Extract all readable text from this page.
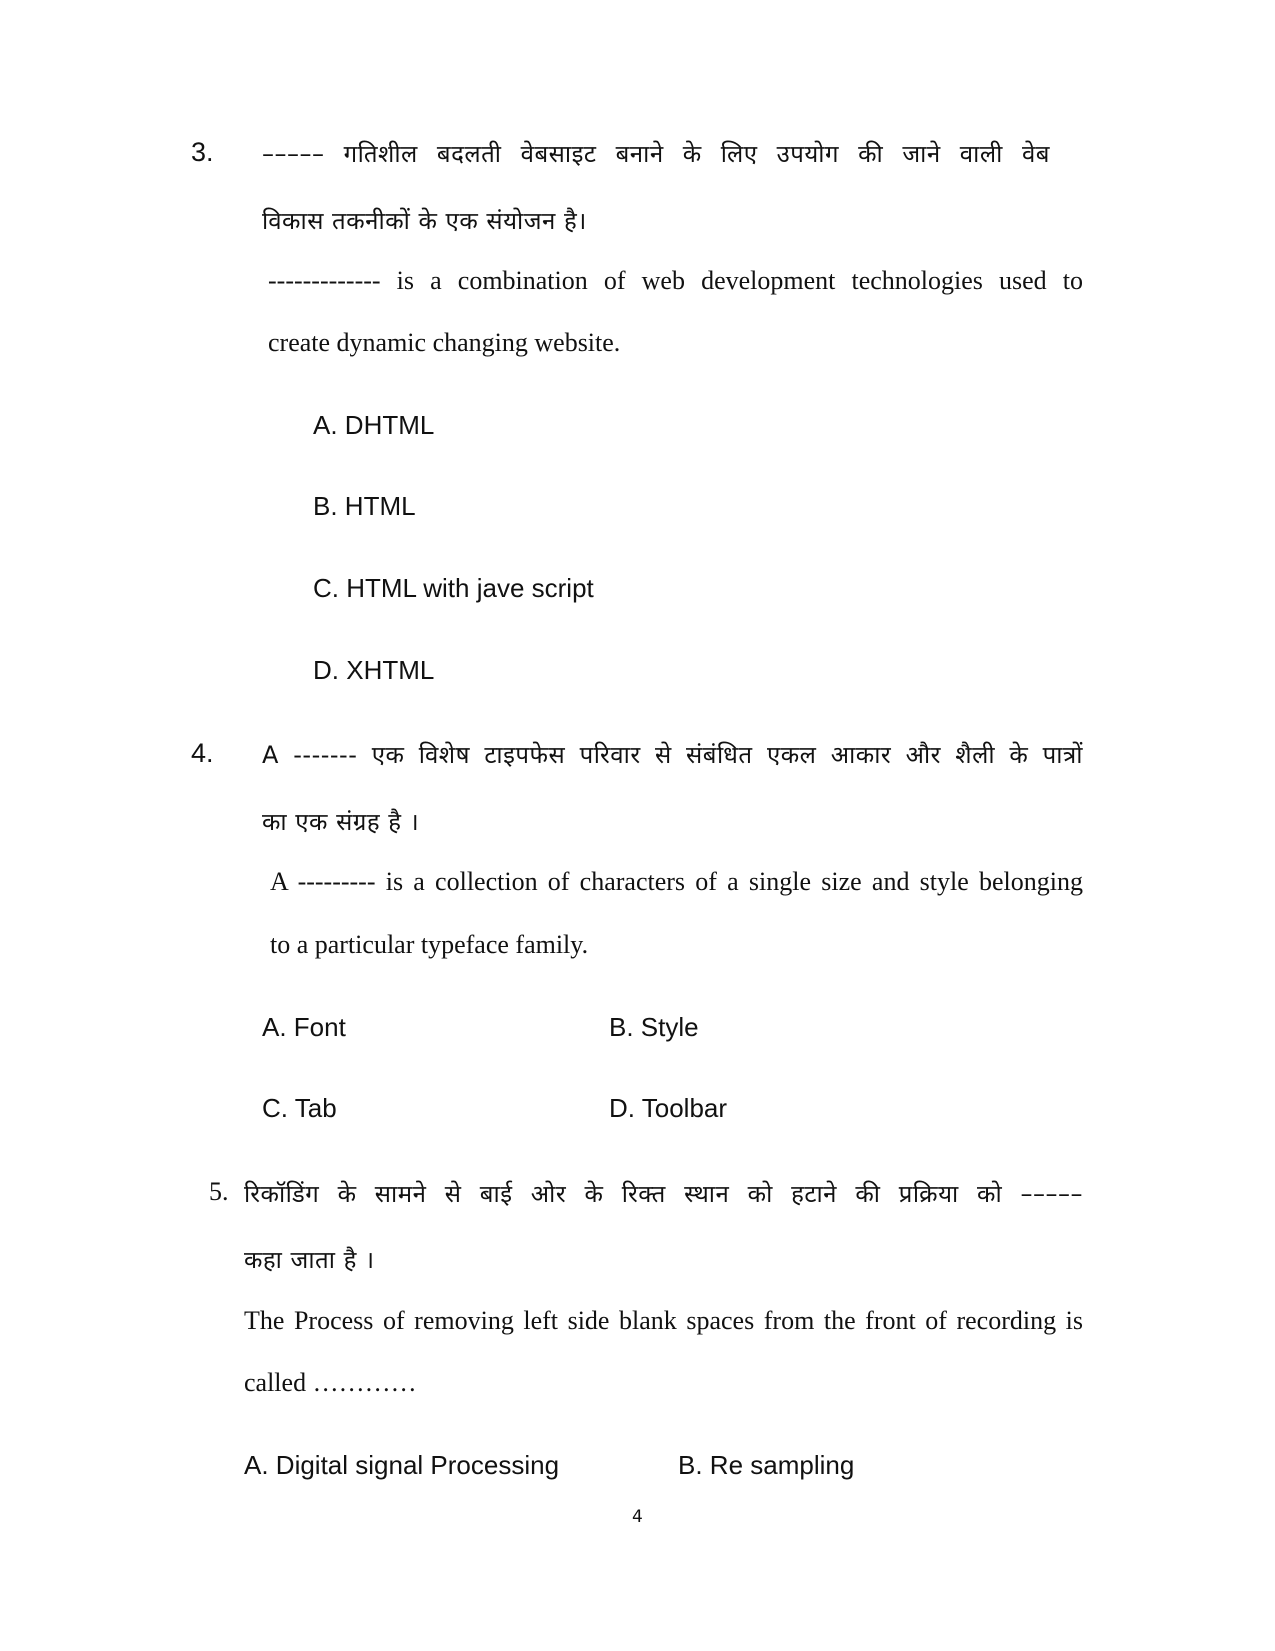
3. ––––– गतिशील बदलती वेबसाइट बनाने के लिए उपयोग की जाने वाली वेब
विकास तकनीकों के एक संयोजन है।
------------- is a combination of web development technologies used to
create dynamic changing website.
A. DHTML
B. HTML
C. HTML with jave script
D. XHTML
4. A ------- एक विशेष टाइपफेस परिवार से संबंधित एकल आकार और शैली के पात्रों
का एक संग्रह है ।
A --------- is a collection of characters of a single size and style belonging
to a particular typeface family.
A. Font	B. Style
C. Tab	D. Toolbar
5. रिकॉडिंग के सामने से बाई ओर के रिक्त स्थान को हटाने की प्रक्रिया को –––––
कहा जाता है ।
The Process of removing left side blank spaces from the front of recording is
called …………
A. Digital signal Processing	B. Re sampling
4
